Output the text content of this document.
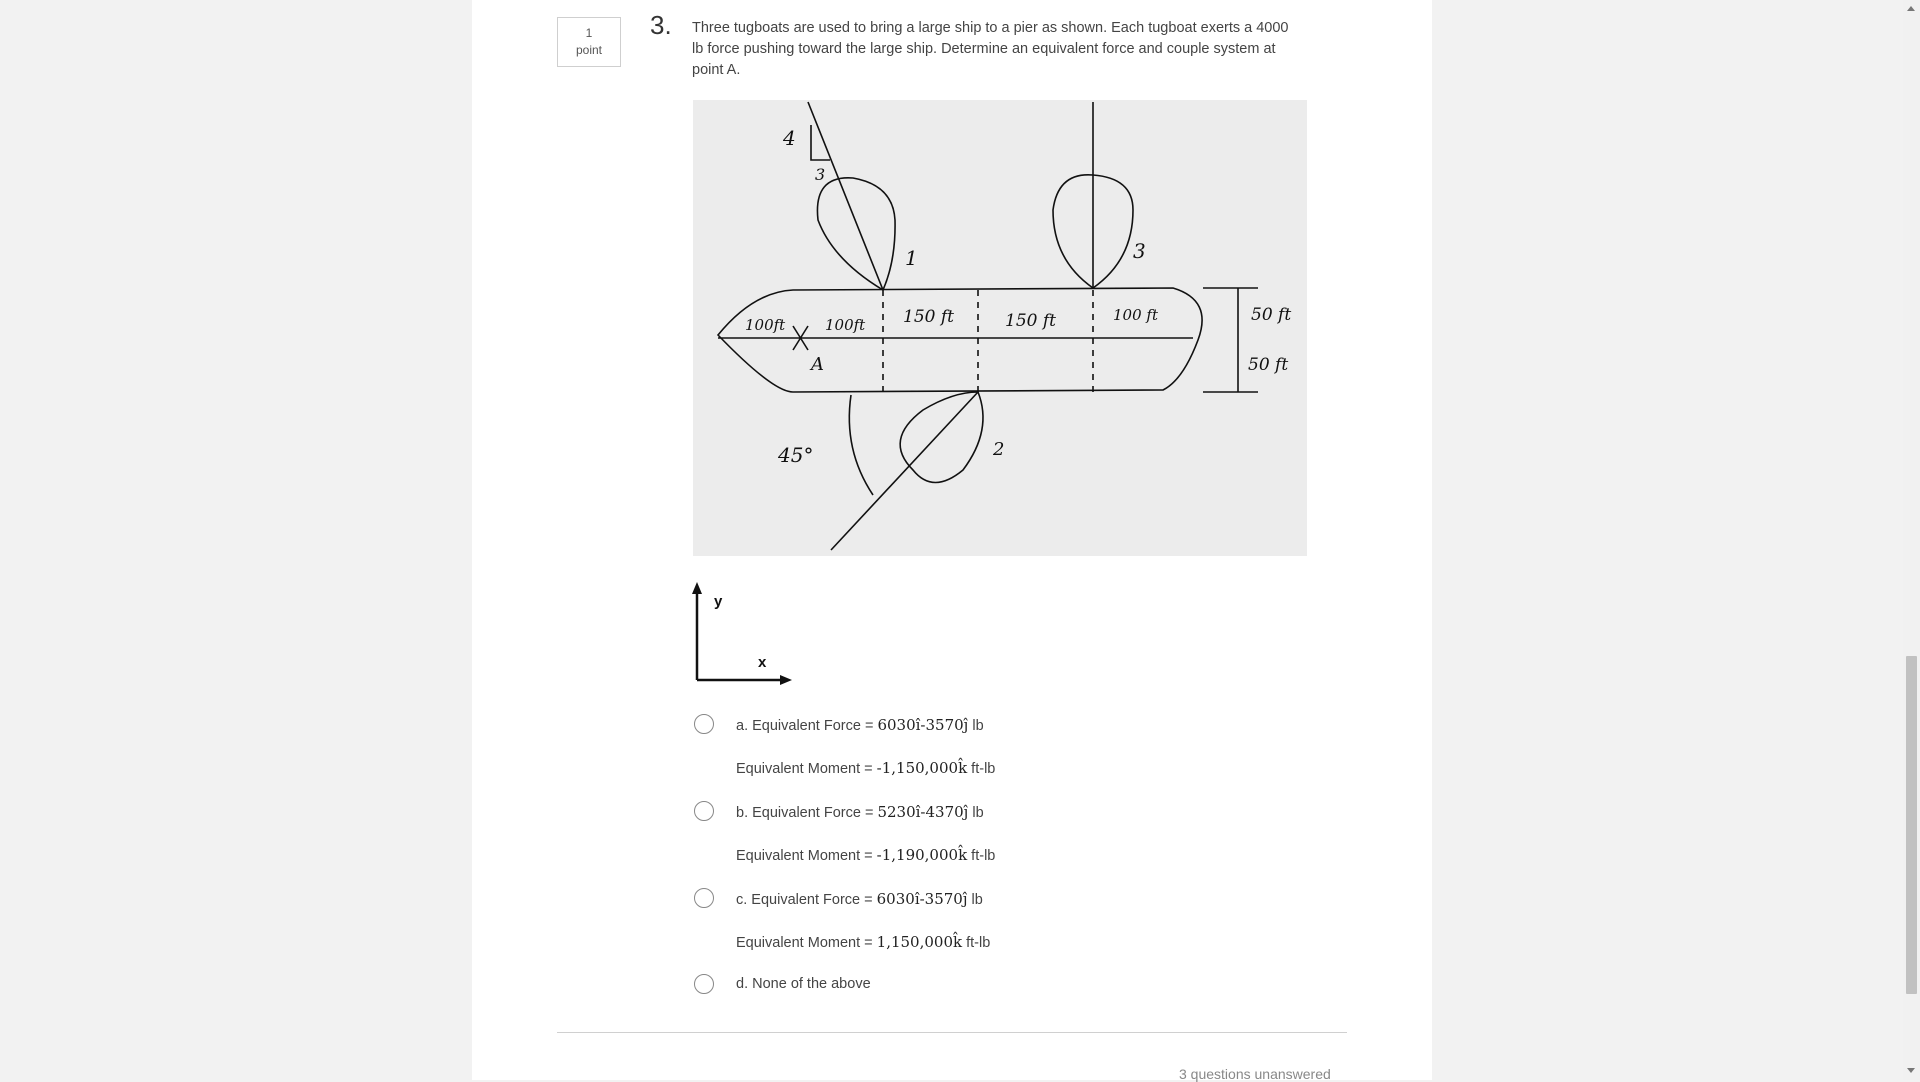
1
point
3. Three tugboats are used to bring a large ship to a pier as shown. Each tugboat exerts a 4000 lb force pushing toward the large ship. Determine an equivalent force and couple system at point A.
4
3
1
2
3
100ft	100ft 150 ft	150 ft	100 ft	50 ft
50 ft
A
45°
y
x
a. Equivalent Force = 6030î-3570ĵ lb
Equivalent Moment = -1,150,000k̂ ft-lb
b. Equivalent Force = 5230î-4370ĵ lb
Equivalent Moment = -1,190,000k̂ ft-lb
c. Equivalent Force = 6030î-3570ĵ lb
Equivalent Moment = 1,150,000k̂ ft-lb
d. None of the above
3 questions unanswered
